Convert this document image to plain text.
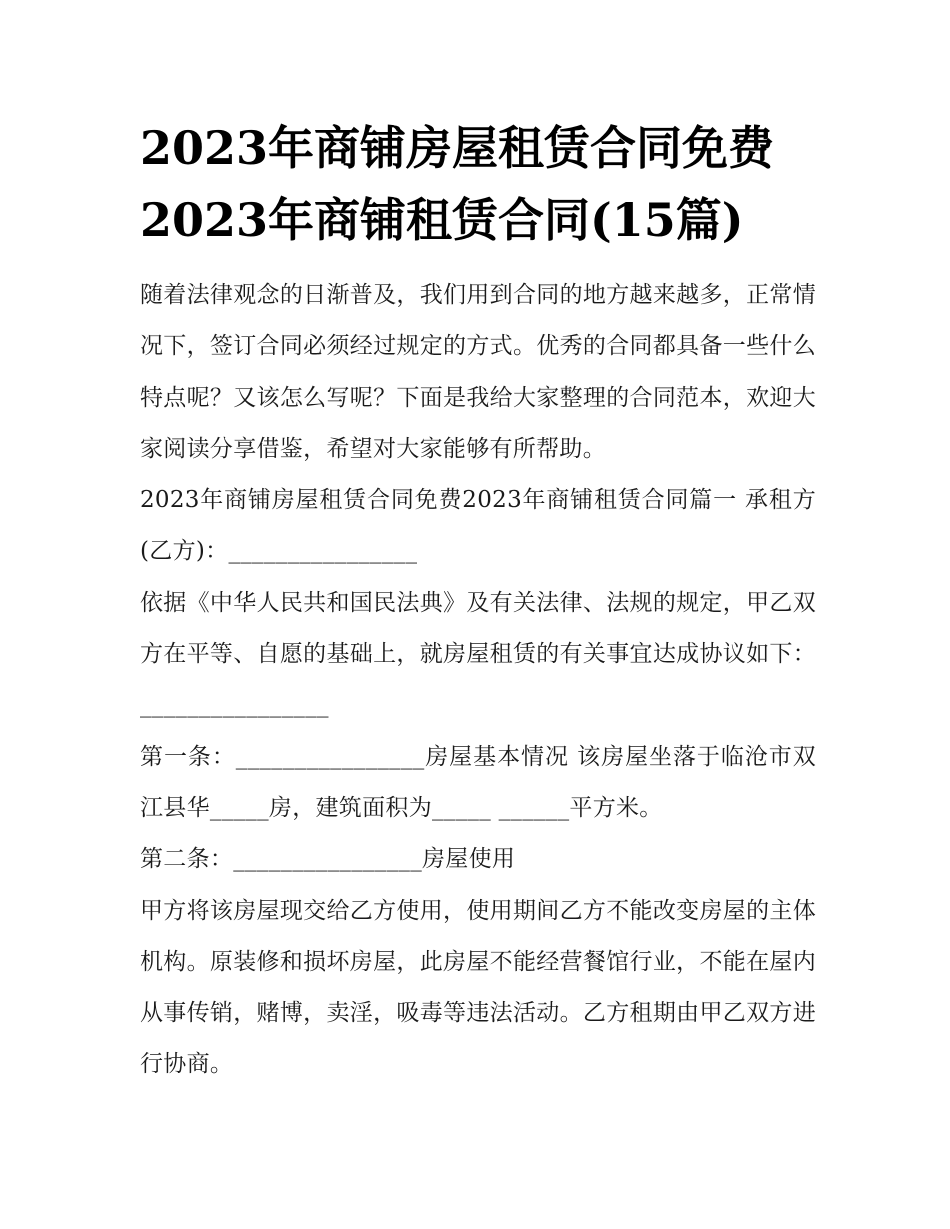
2023年商铺房屋租赁合同免费
2023年商铺租赁合同(15篇)

随着法律观念的日渐普及，我们用到合同的地方越来越多，正常情况下，签订合同必须经过规定的方式。优秀的合同都具备一些什么特点呢？又该怎么写呢？下面是我给大家整理的合同范本，欢迎大家阅读分享借鉴，希望对大家能够有所帮助。

2023年商铺房屋租赁合同免费2023年商铺租赁合同篇一 承租方(乙方)：________________

依据《中华人民共和国民法典》及有关法律、法规的规定，甲乙双方在平等、自愿的基础上，就房屋租赁的有关事宜达成协议如下：________________

第一条：________________房屋基本情况 该房屋坐落于临沧市双江县华_____房，建筑面积为_____ ______平方米。

第二条：________________房屋使用

甲方将该房屋现交给乙方使用，使用期间乙方不能改变房屋的主体机构。原装修和损坏房屋，此房屋不能经营餐馆行业，不能在屋内从事传销，赌博，卖淫，吸毒等违法活动。乙方租期由甲乙双方进行协商。
